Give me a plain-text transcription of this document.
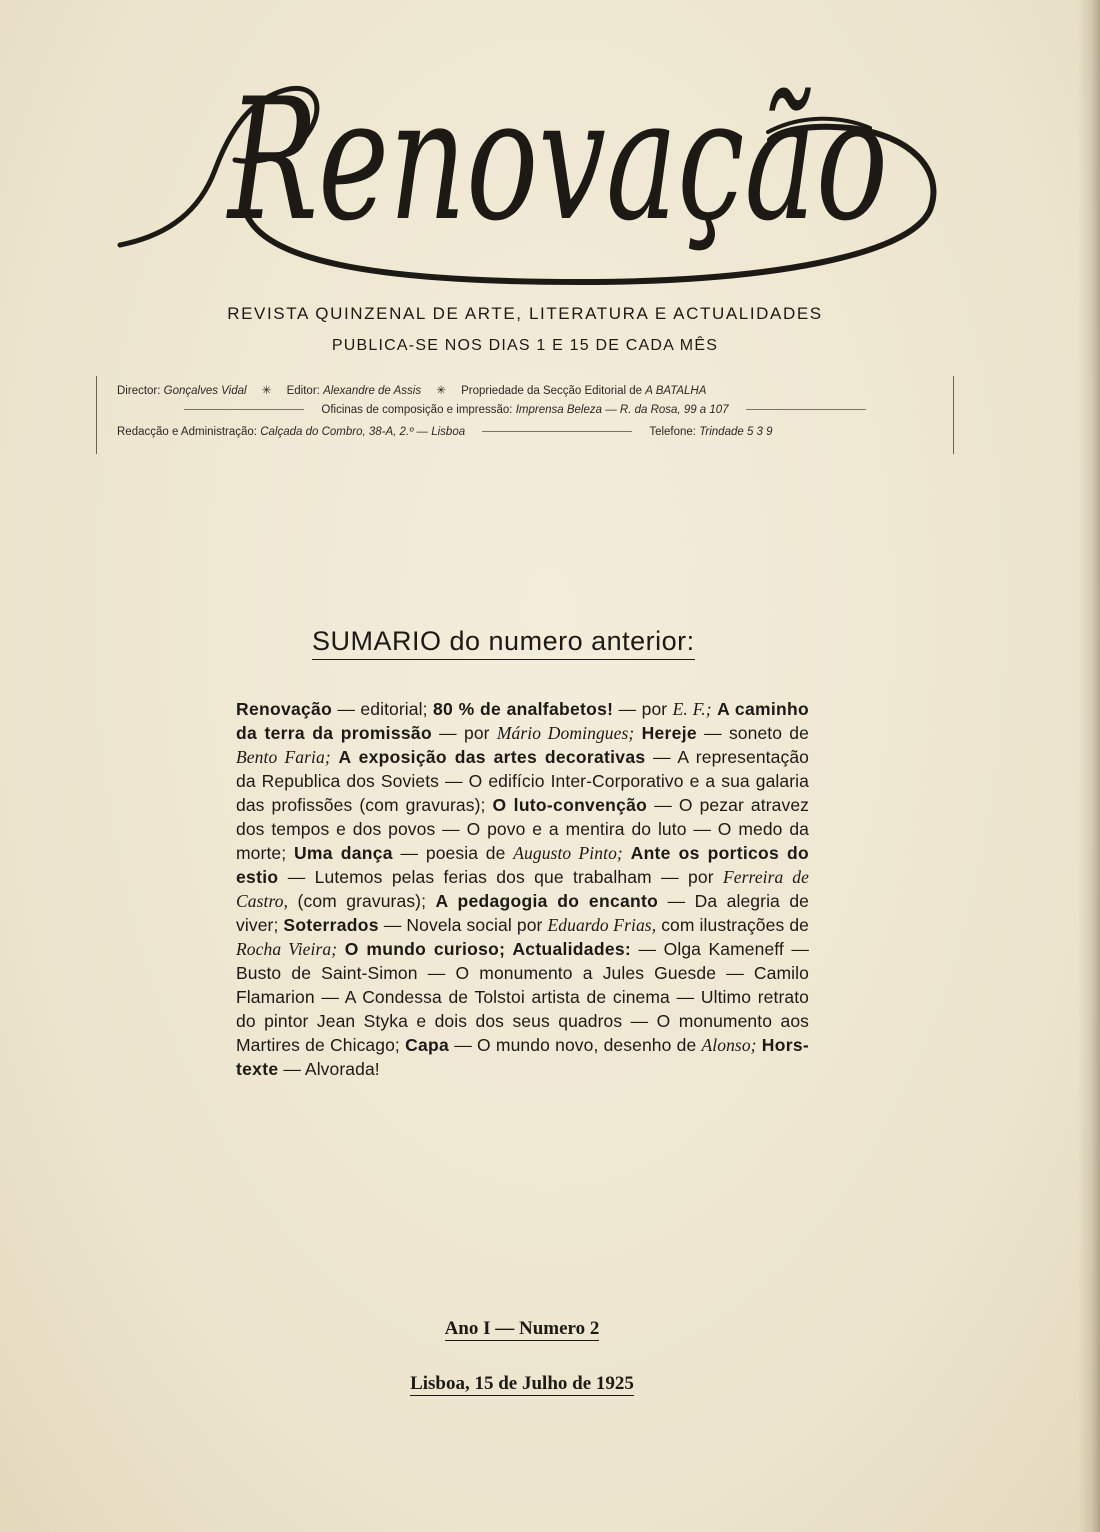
Renovação
REVISTA QUINZENAL DE ARTE, LITERATURA E ACTUALIDADES
PUBLICA-SE NOS DIAS 1 E 15 DE CADA MÊS
Director: Gonçalves Vidal ✳ Editor: Alexandre de Assis ✳ Propriedade da Secção Editorial de A BATALHA
Oficinas de composição e impressão: Imprensa Beleza — R. da Rosa, 99 a 107
Redacção e Administração: Calçada do Combro, 38-A, 2.º — Lisboa	Telefone: Trindade 5 3 9
SUMARIO do numero anterior:
Renovação — editorial; 80 % de analfabetos! — por E. F.; A caminho da terra da promissão — por Mário Domingues; Hereje — soneto de Bento Faria; A exposição das artes decorativas — A representação da Republica dos Soviets — O edifício Inter-Corporativo e a sua galaria das profissões (com gravuras); O luto-convenção — O pezar atravez dos tempos e dos povos — O povo e a mentira do luto — O medo da morte; Uma dança — poesia de Augusto Pinto; Ante os porticos do estio — Lutemos pelas ferias dos que trabalham — por Ferreira de Castro, (com gravuras); A pedagogia do encanto — Da alegria de viver; Soterrados — Novela social por Eduardo Frias, com ilustrações de Rocha Vieira; O mundo curioso; Actualidades: — Olga Kameneff — Busto de Saint-Simon — O monumento a Jules Guesde — Camilo Flamarion — A Condessa de Tolstoi artista de cinema — Ultimo retrato do pintor Jean Styka e dois dos seus quadros — O monumento aos Martires de Chicago; Capa — O mundo novo, desenho de Alonso; Hors-texte — Alvorada!
Ano I — Numero 2
Lisboa, 15 de Julho de 1925
